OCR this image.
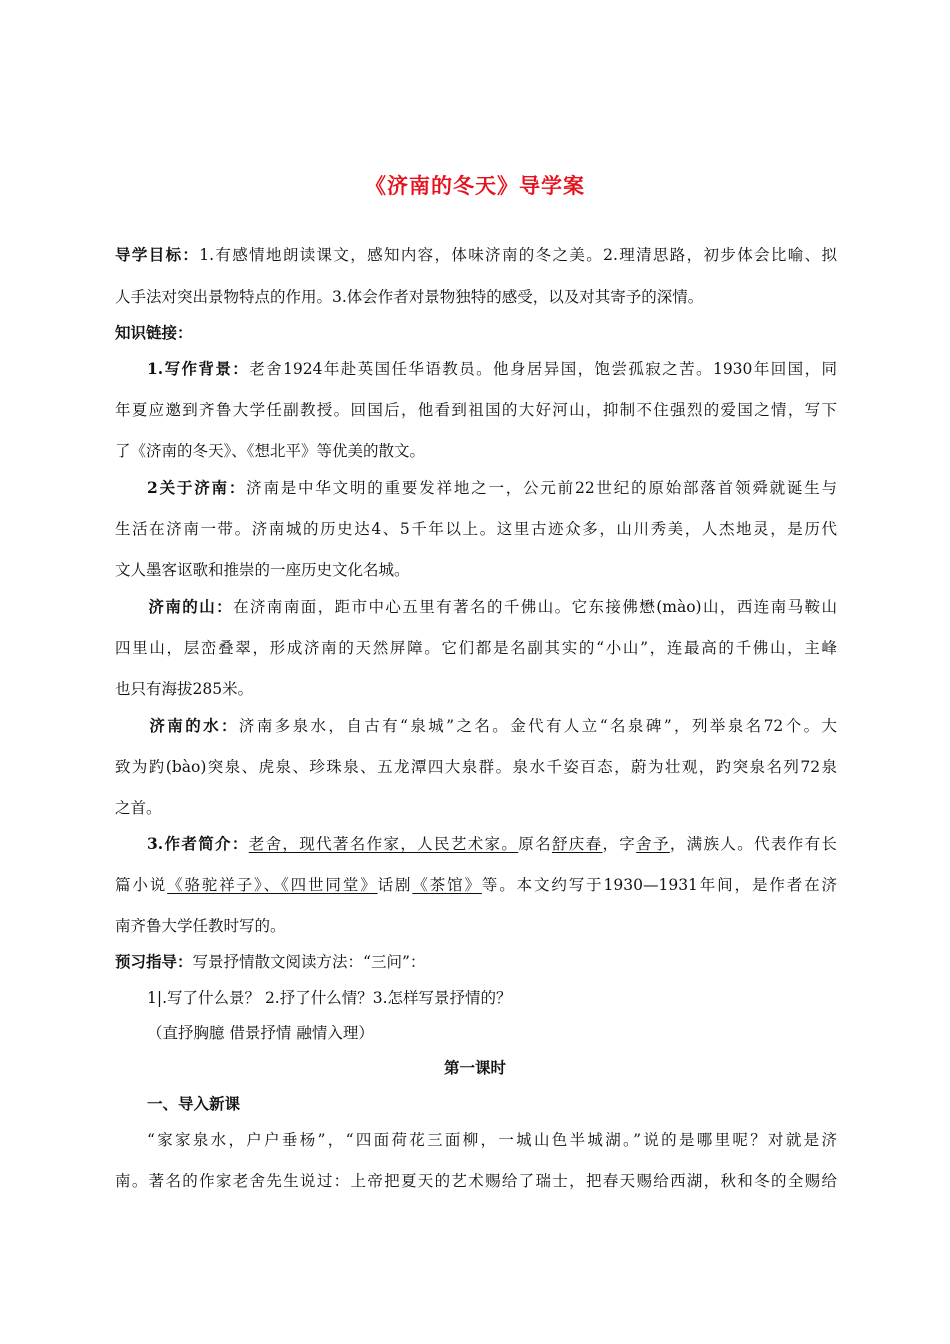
《济南的冬天》导学案
导学目标：1.有感情地朗读课文，感知内容，体味济南的冬之美。2.理清思路，初步体会比喻、拟
人手法对突出景物特点的作用。3.体会作者对景物独特的感受，以及对其寄予的深情。
知识链接：
1.写作背景：老舍1924年赴英国任华语教员。他身居异国，饱尝孤寂之苦。1930年回国，同
年夏应邀到齐鲁大学任副教授。回国后，他看到祖国的大好河山，抑制不住强烈的爱国之情，写下
了《济南的冬天》、《想北平》等优美的散文。
2关于济南：济南是中华文明的重要发祥地之一，公元前22世纪的原始部落首领舜就诞生与
生活在济南一带。济南城的历史达4、5千年以上。这里古迹众多，山川秀美，人杰地灵，是历代
文人墨客讴歌和推崇的一座历史文化名城。
济南的山：在济南南面，距市中心五里有著名的千佛山。它东接佛懋(mào)山，西连南马鞍山
四里山，层峦叠翠，形成济南的天然屏障。它们都是名副其实的“小山”，连最高的千佛山，主峰
也只有海拔285米。
济南的水：济南多泉水，自古有“泉城”之名。金代有人立“名泉碑”，列举泉名72个。大
致为趵(bào)突泉、虎泉、珍珠泉、五龙潭四大泉群。泉水千姿百态，蔚为壮观，趵突泉名列72泉
之首。
3.作者简介：老舍，现代著名作家，人民艺术家。原名舒庆春，字舍予，满族人。代表作有长
篇小说《骆驼祥子》、《四世同堂》话剧《茶馆》等。本文约写于1930—1931年间，是作者在济
南齐鲁大学任教时写的。
预习指导：写景抒情散文阅读方法：“三问”：
1|.写了什么景？ 2.抒了什么情？3.怎样写景抒情的？
（直抒胸臆 借景抒情 融情入理）
第一课时
一、导入新课
“家家泉水，户户垂杨”，“四面荷花三面柳，一城山色半城湖。”说的是哪里呢？对就是济
南。著名的作家老舍先生说过：上帝把夏天的艺术赐给了瑞士，把春天赐给西湖，秋和冬的全赐给
